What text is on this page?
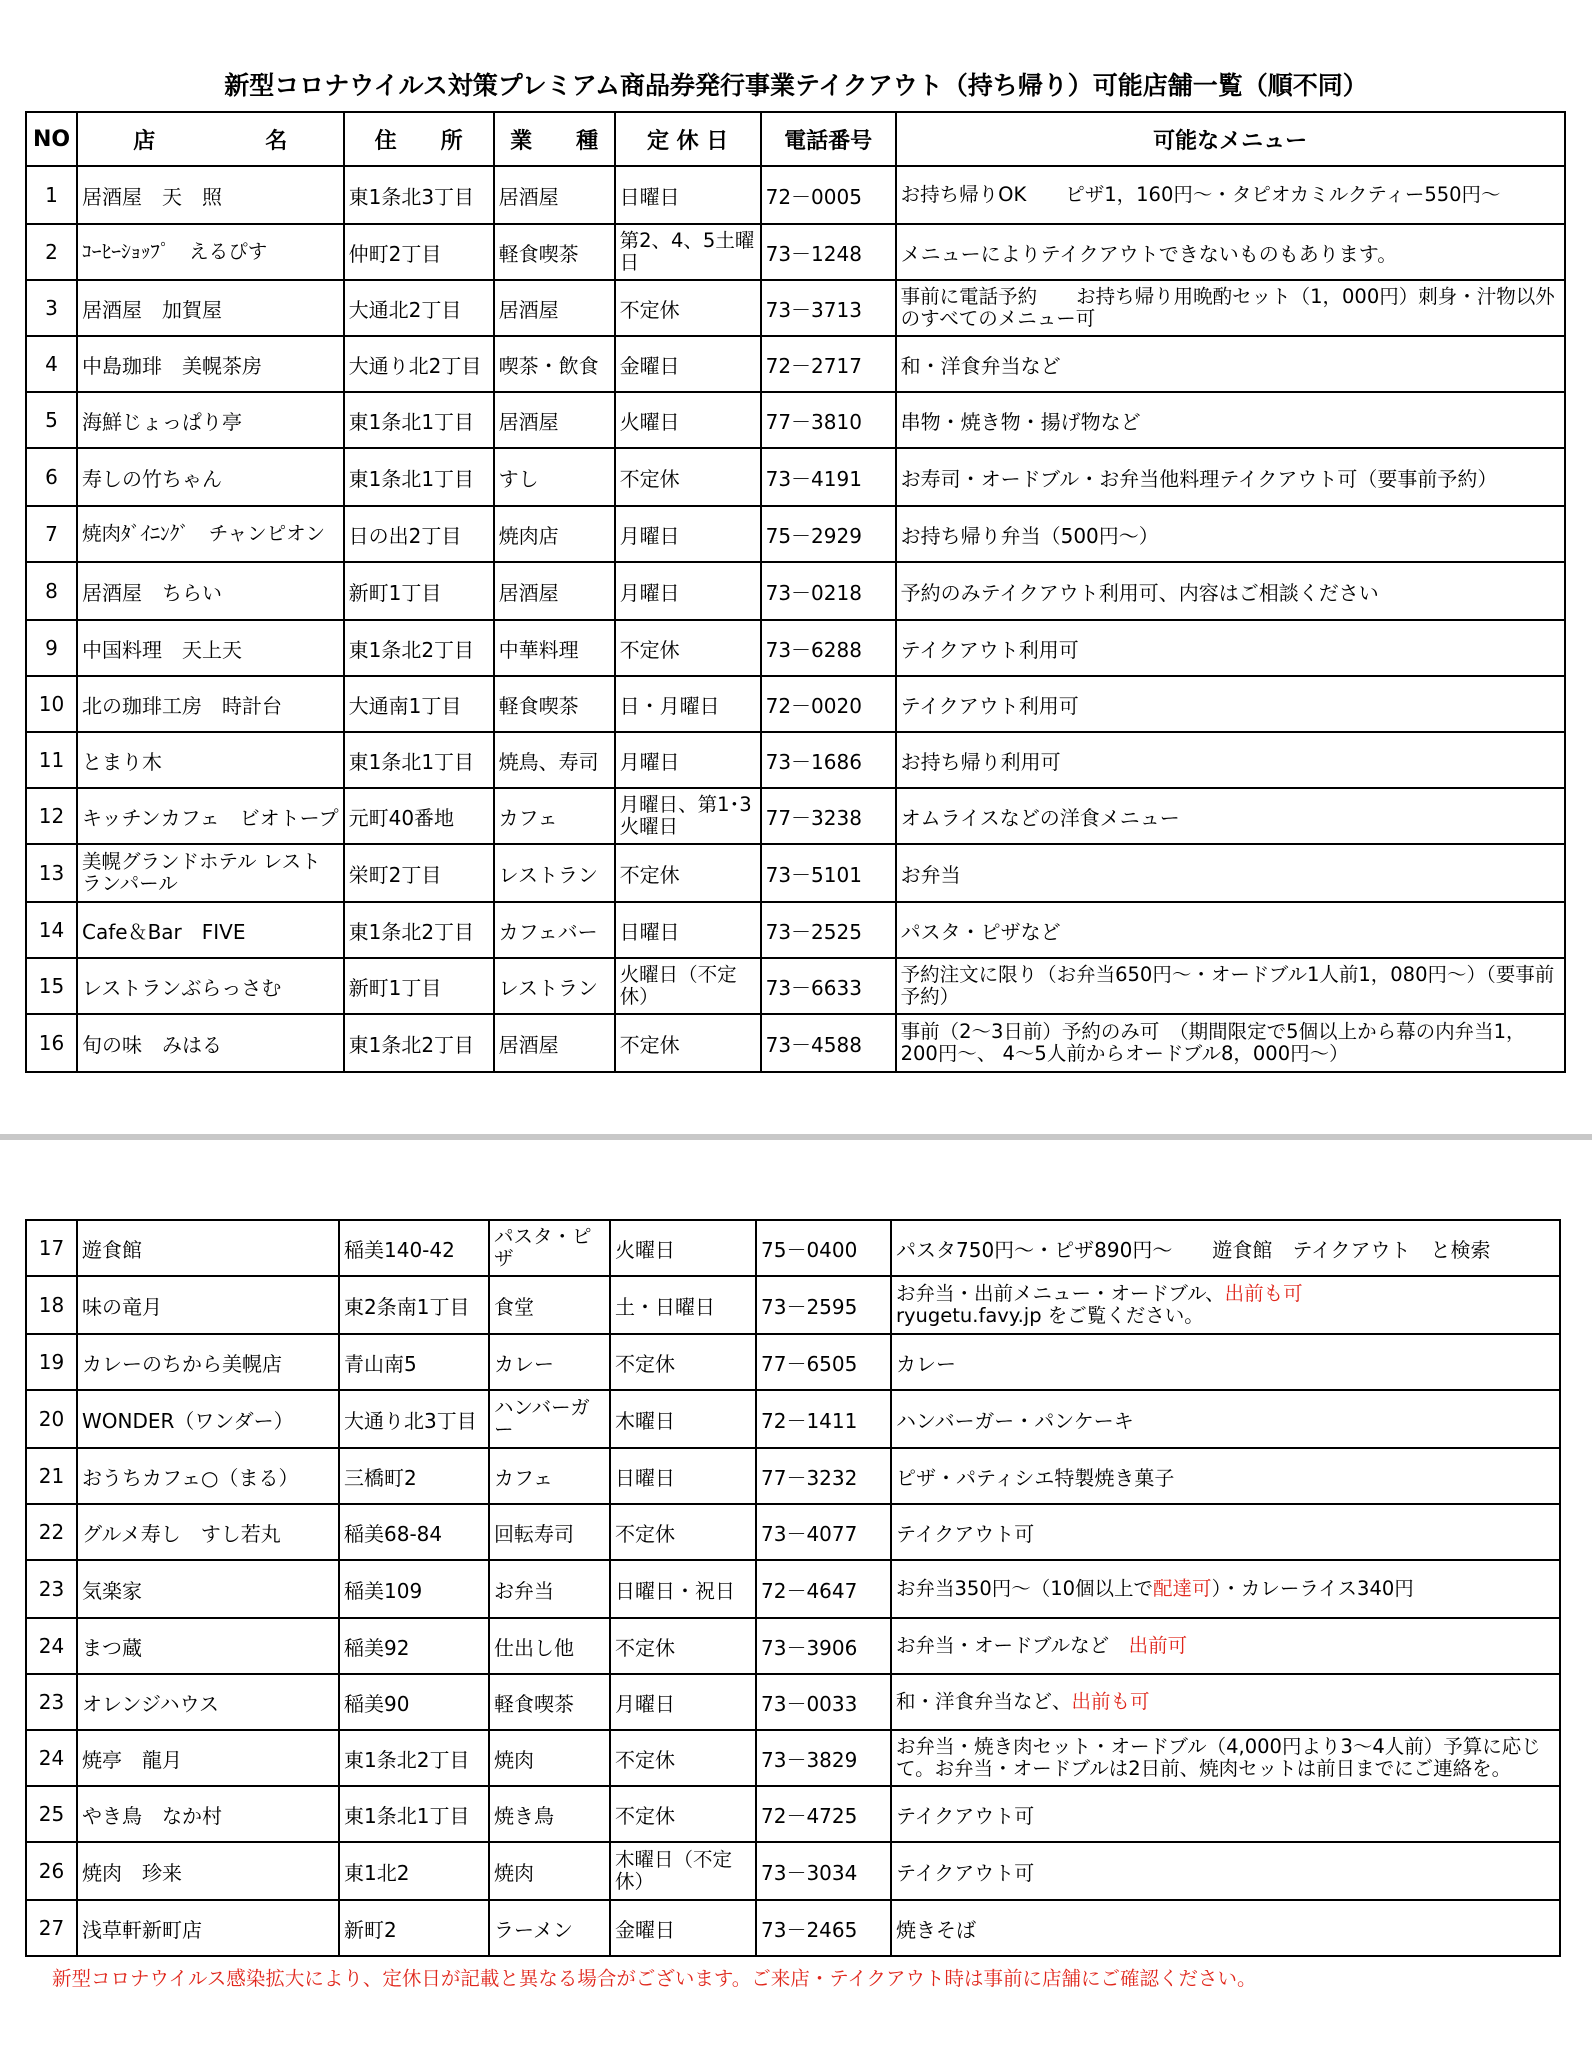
新型コロナウイルス対策プレミアム商品券発行事業テイクアウト（持ち帰り）可能店舗一覧（順不同）
NO	店　　　　　名	住　　所	業　　種	定 休 日	電話番号	可能なメニュー
1	居酒屋　天　照	東1条北3丁目	居酒屋	日曜日	72－0005	お持ち帰りOK　　ピザ1，160円～・タピオカミルクティー550円～
2	ｺｰﾋｰｼｮｯﾌﾟ　えるぴす	仲町2丁目	軽食喫茶	第2、4、5土曜日	73－1248	メニューによりテイクアウトできないものもあります。
3	居酒屋　加賀屋	大通北2丁目	居酒屋	不定休	73－3713	事前に電話予約　　お持ち帰り用晩酌セット（1，000円）刺身・汁物以外のすべてのメニュー可
4	中島珈琲　美幌茶房	大通り北2丁目	喫茶・飲食	金曜日	72－2717	和・洋食弁当など
5	海鮮じょっぱり亭	東1条北1丁目	居酒屋	火曜日	77－3810	串物・焼き物・揚げ物など
6	寿しの竹ちゃん	東1条北1丁目	すし	不定休	73－4191	お寿司・オードブル・お弁当他料理テイクアウト可（要事前予約）
7	焼肉ﾀﾞｲﾆﾝｸﾞ　チャンピオン	日の出2丁目	焼肉店	月曜日	75－2929	お持ち帰り弁当（500円～）
8	居酒屋　ちらい	新町1丁目	居酒屋	月曜日	73－0218	予約のみテイクアウト利用可、内容はご相談ください
9	中国料理　天上天	東1条北2丁目	中華料理	不定休	73－6288	テイクアウト利用可
10	北の珈琲工房　時計台	大通南1丁目	軽食喫茶	日・月曜日	72－0020	テイクアウト利用可
11	とまり木	東1条北1丁目	焼鳥、寿司	月曜日	73－1686	お持ち帰り利用可
12	キッチンカフェ　ビオトープ	元町40番地	カフェ	月曜日、第1･3火曜日	77－3238	オムライスなどの洋食メニュー
13	美幌グランドホテル レストランパール	栄町2丁目	レストラン	不定休	73－5101	お弁当
14	Cafe＆Bar　FIVE	東1条北2丁目	カフェバー	日曜日	73－2525	パスタ・ピザなど
15	レストランぶらっさむ	新町1丁目	レストラン	火曜日（不定休）	73－6633	予約注文に限り（お弁当650円～・オードブル1人前1，080円～）（要事前予約）
16	旬の味　みはる	東1条北2丁目	居酒屋	不定休	73－4588	事前（2～3日前）予約のみ可　（期間限定で5個以上から幕の内弁当1，200円～、 4～5人前からオードブル8，000円～）
17	遊食館	稲美140-42	パスタ・ピザ	火曜日	75－0400	パスタ750円～・ピザ890円～　　遊食館　テイクアウト　と検索
18	味の竜月	東2条南1丁目	食堂	土・日曜日	73－2595	お弁当・出前メニュー・オードブル、出前も可
ryugetu.favy.jp をご覧ください。
19	カレーのちから美幌店	青山南5	カレー	不定休	77－6505	カレー
20	WONDER（ワンダー）	大通り北3丁目	ハンバーガー	木曜日	72－1411	ハンバーガー・パンケーキ
21	おうちカフェ○（まる）	三橋町2	カフェ	日曜日	77－3232	ピザ・パティシエ特製焼き菓子
22	グルメ寿し　すし若丸	稲美68-84	回転寿司	不定休	73－4077	テイクアウト可
23	気楽家	稲美109	お弁当	日曜日・祝日	72－4647	お弁当350円～（10個以上で配達可）・カレーライス340円
24	まつ蔵	稲美92	仕出し他	不定休	73－3906	お弁当・オードブルなど　出前可
23	オレンジハウス	稲美90	軽食喫茶	月曜日	73－0033	和・洋食弁当など、出前も可
24	焼亭　龍月	東1条北2丁目	焼肉	不定休	73－3829	お弁当・焼き肉セット・オードブル（4,000円より3～4人前）予算に応じて。お弁当・オードブルは2日前、焼肉セットは前日までにご連絡を。
25	やき鳥　なか村	東1条北1丁目	焼き鳥	不定休	72－4725	テイクアウト可
26	焼肉　珍来	東1北2	焼肉	木曜日（不定休）	73－3034	テイクアウト可
27	浅草軒新町店	新町2	ラーメン	金曜日	73－2465	焼きそば
新型コロナウイルス感染拡大により、定休日が記載と異なる場合がございます。ご来店・テイクアウト時は事前に店舗にご確認ください。
